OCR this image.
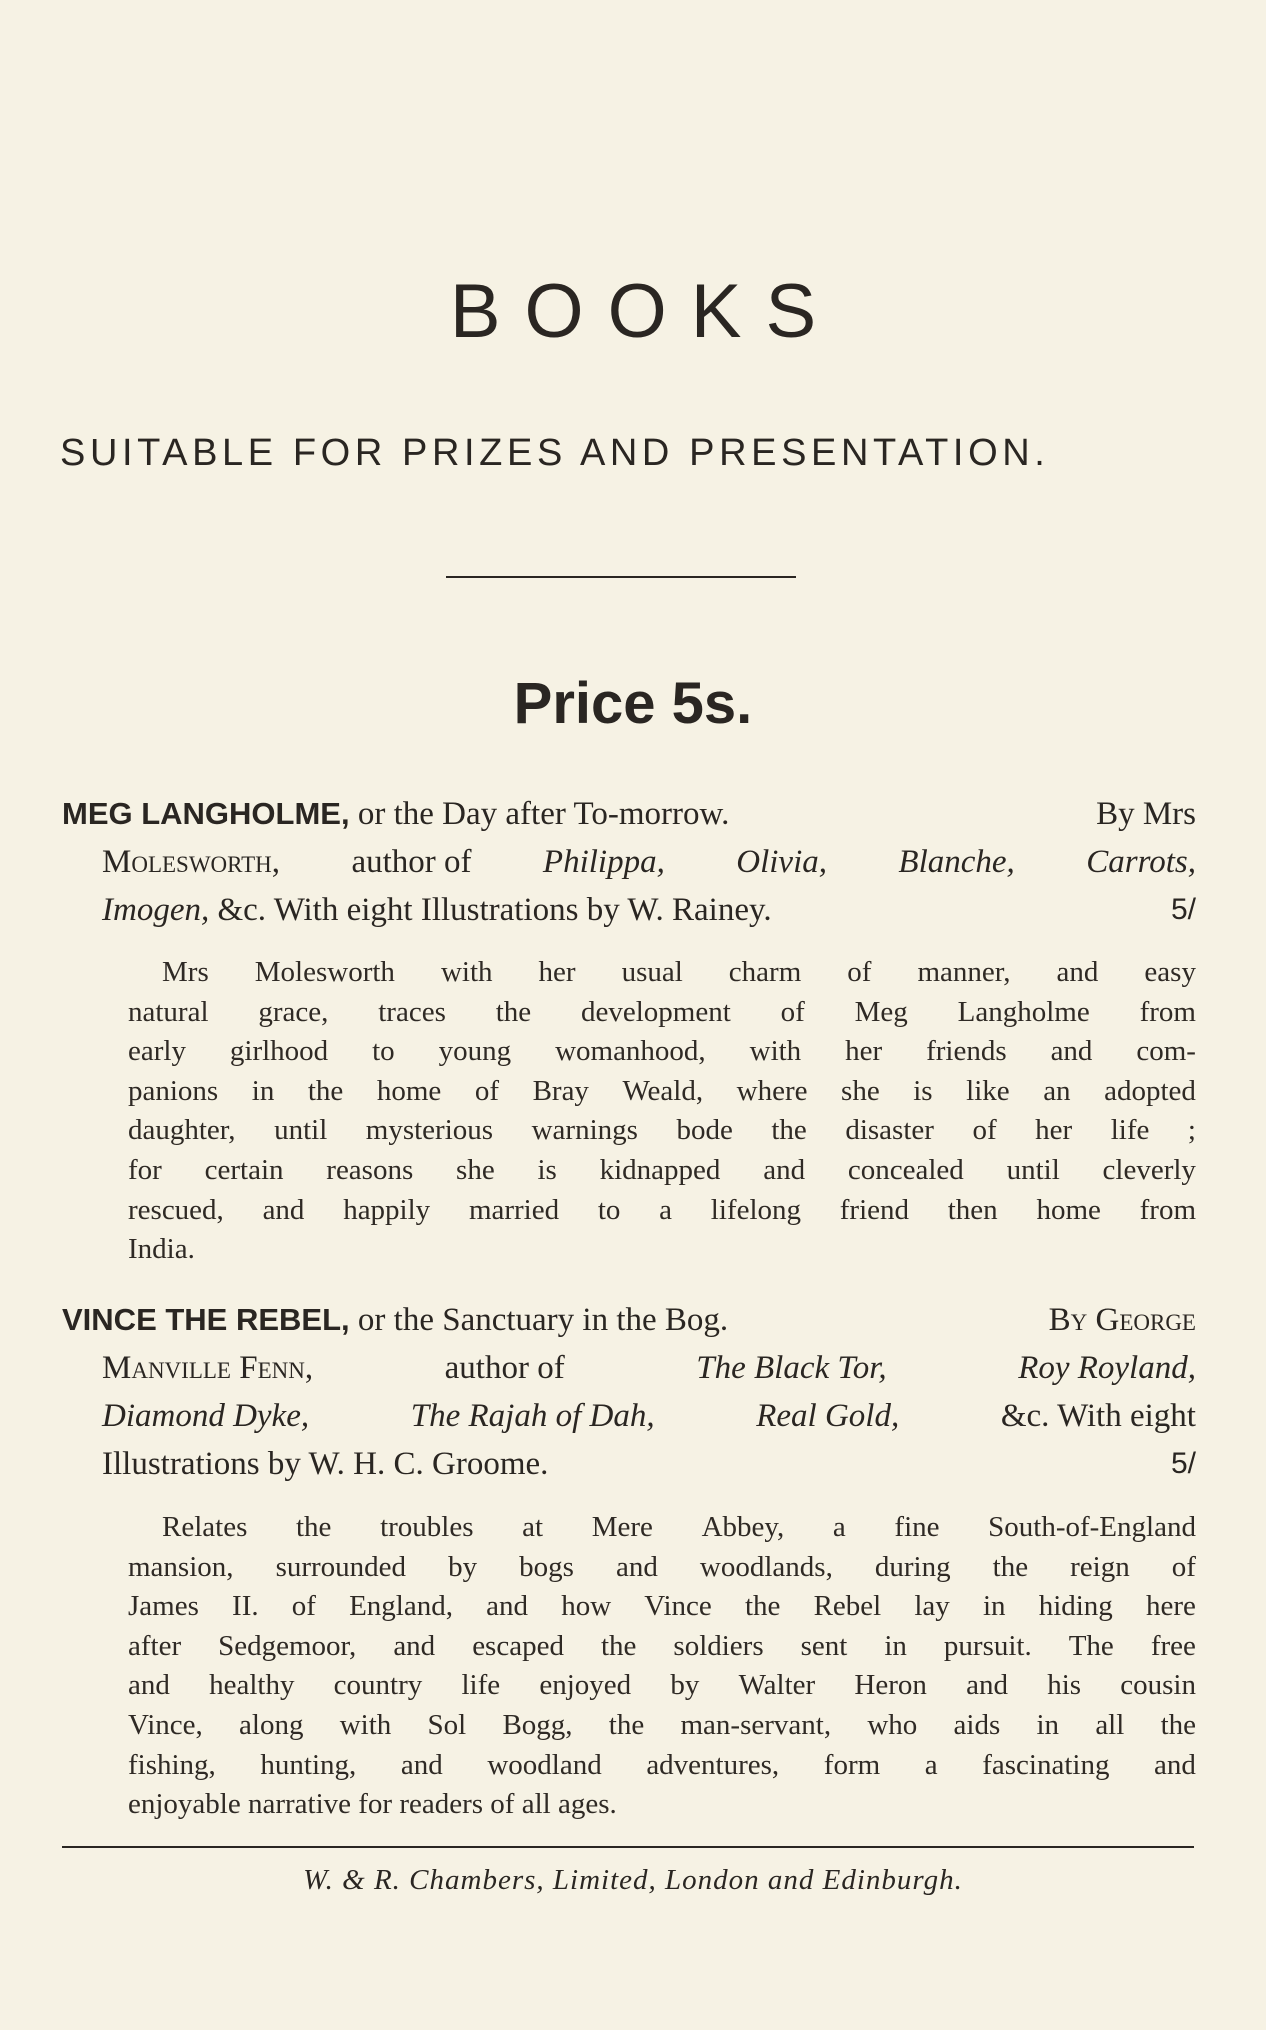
BOOKS
SUITABLE FOR PRIZES AND PRESENTATION.
Price 5s.
MEG LANGHOLME, or the Day after To-morrow.	By Mrs
Molesworth, author of Philippa, Olivia, Blanche, Carrots,
Imogen, &c. With eight Illustrations by W. Rainey.	5/
Mrs Molesworth with her usual charm of manner, and easy
natural grace, traces the development of Meg Langholme from
early girlhood to young womanhood, with her friends and com-
panions in the home of Bray Weald, where she is like an adopted
daughter, until mysterious warnings bode the disaster of her life ;
for certain reasons she is kidnapped and concealed until cleverly
rescued, and happily married to a lifelong friend then home from
India.
VINCE THE REBEL, or the Sanctuary in the Bog.	By George
Manville Fenn,	author of	The Black Tor,	Roy Royland,
Diamond Dyke,	The Rajah of Dah,	Real Gold,	&c. With eight
Illustrations by W. H. C. Groome.	5/
Relates the troubles at Mere Abbey, a fine South-of-England
mansion, surrounded by bogs and woodlands, during the reign of
James II. of England, and how Vince the Rebel lay in hiding here
after Sedgemoor, and escaped the soldiers sent in pursuit. The free
and healthy country life enjoyed by Walter Heron and his cousin
Vince, along with Sol Bogg, the man-servant, who aids in all the
fishing, hunting, and woodland adventures, form a fascinating and
enjoyable narrative for readers of all ages.
W. & R. Chambers, Limited, London and Edinburgh.
